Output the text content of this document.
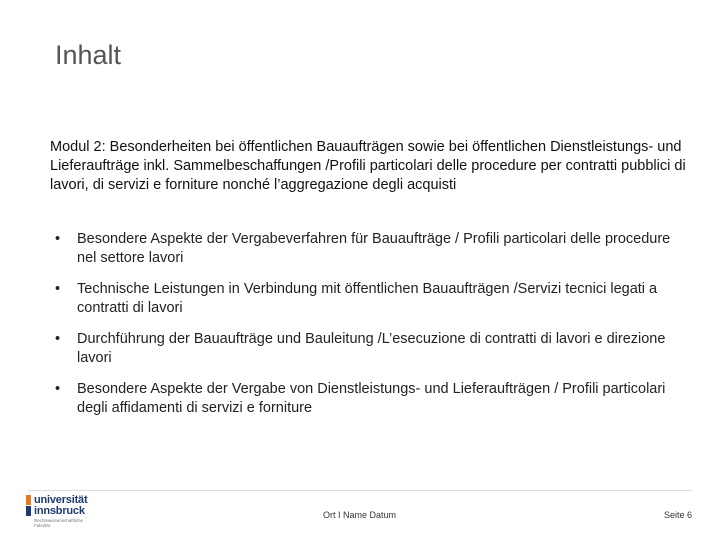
Inhalt
Modul 2: Besonderheiten bei öffentlichen Bauaufträgen sowie bei öffentlichen Dienstleistungs- und Lieferaufträge inkl. Sammelbeschaffungen /Profili particolari delle procedure per contratti pubblici di lavori, di servizi e forniture nonché l’aggregazione degli acquisti
• Besondere Aspekte der Vergabeverfahren für Bauaufträge / Profili particolari delle procedure nel settore lavori
• Technische Leistungen in Verbindung mit öffentlichen Bauaufträgen /Servizi tecnici legati a contratti di lavori
• Durchführung der Bauaufträge und Bauleitung /L’esecuzione di contratti di lavori e direzione lavori
• Besondere Aspekte der Vergabe von Dienstleistungs- und Lieferaufträgen / Profili particolari degli affidamenti di servizi e forniture
universität
innsbruck
Rechtswissenschaftliche Fakultät
Ort I Name Datum	Seite 6
